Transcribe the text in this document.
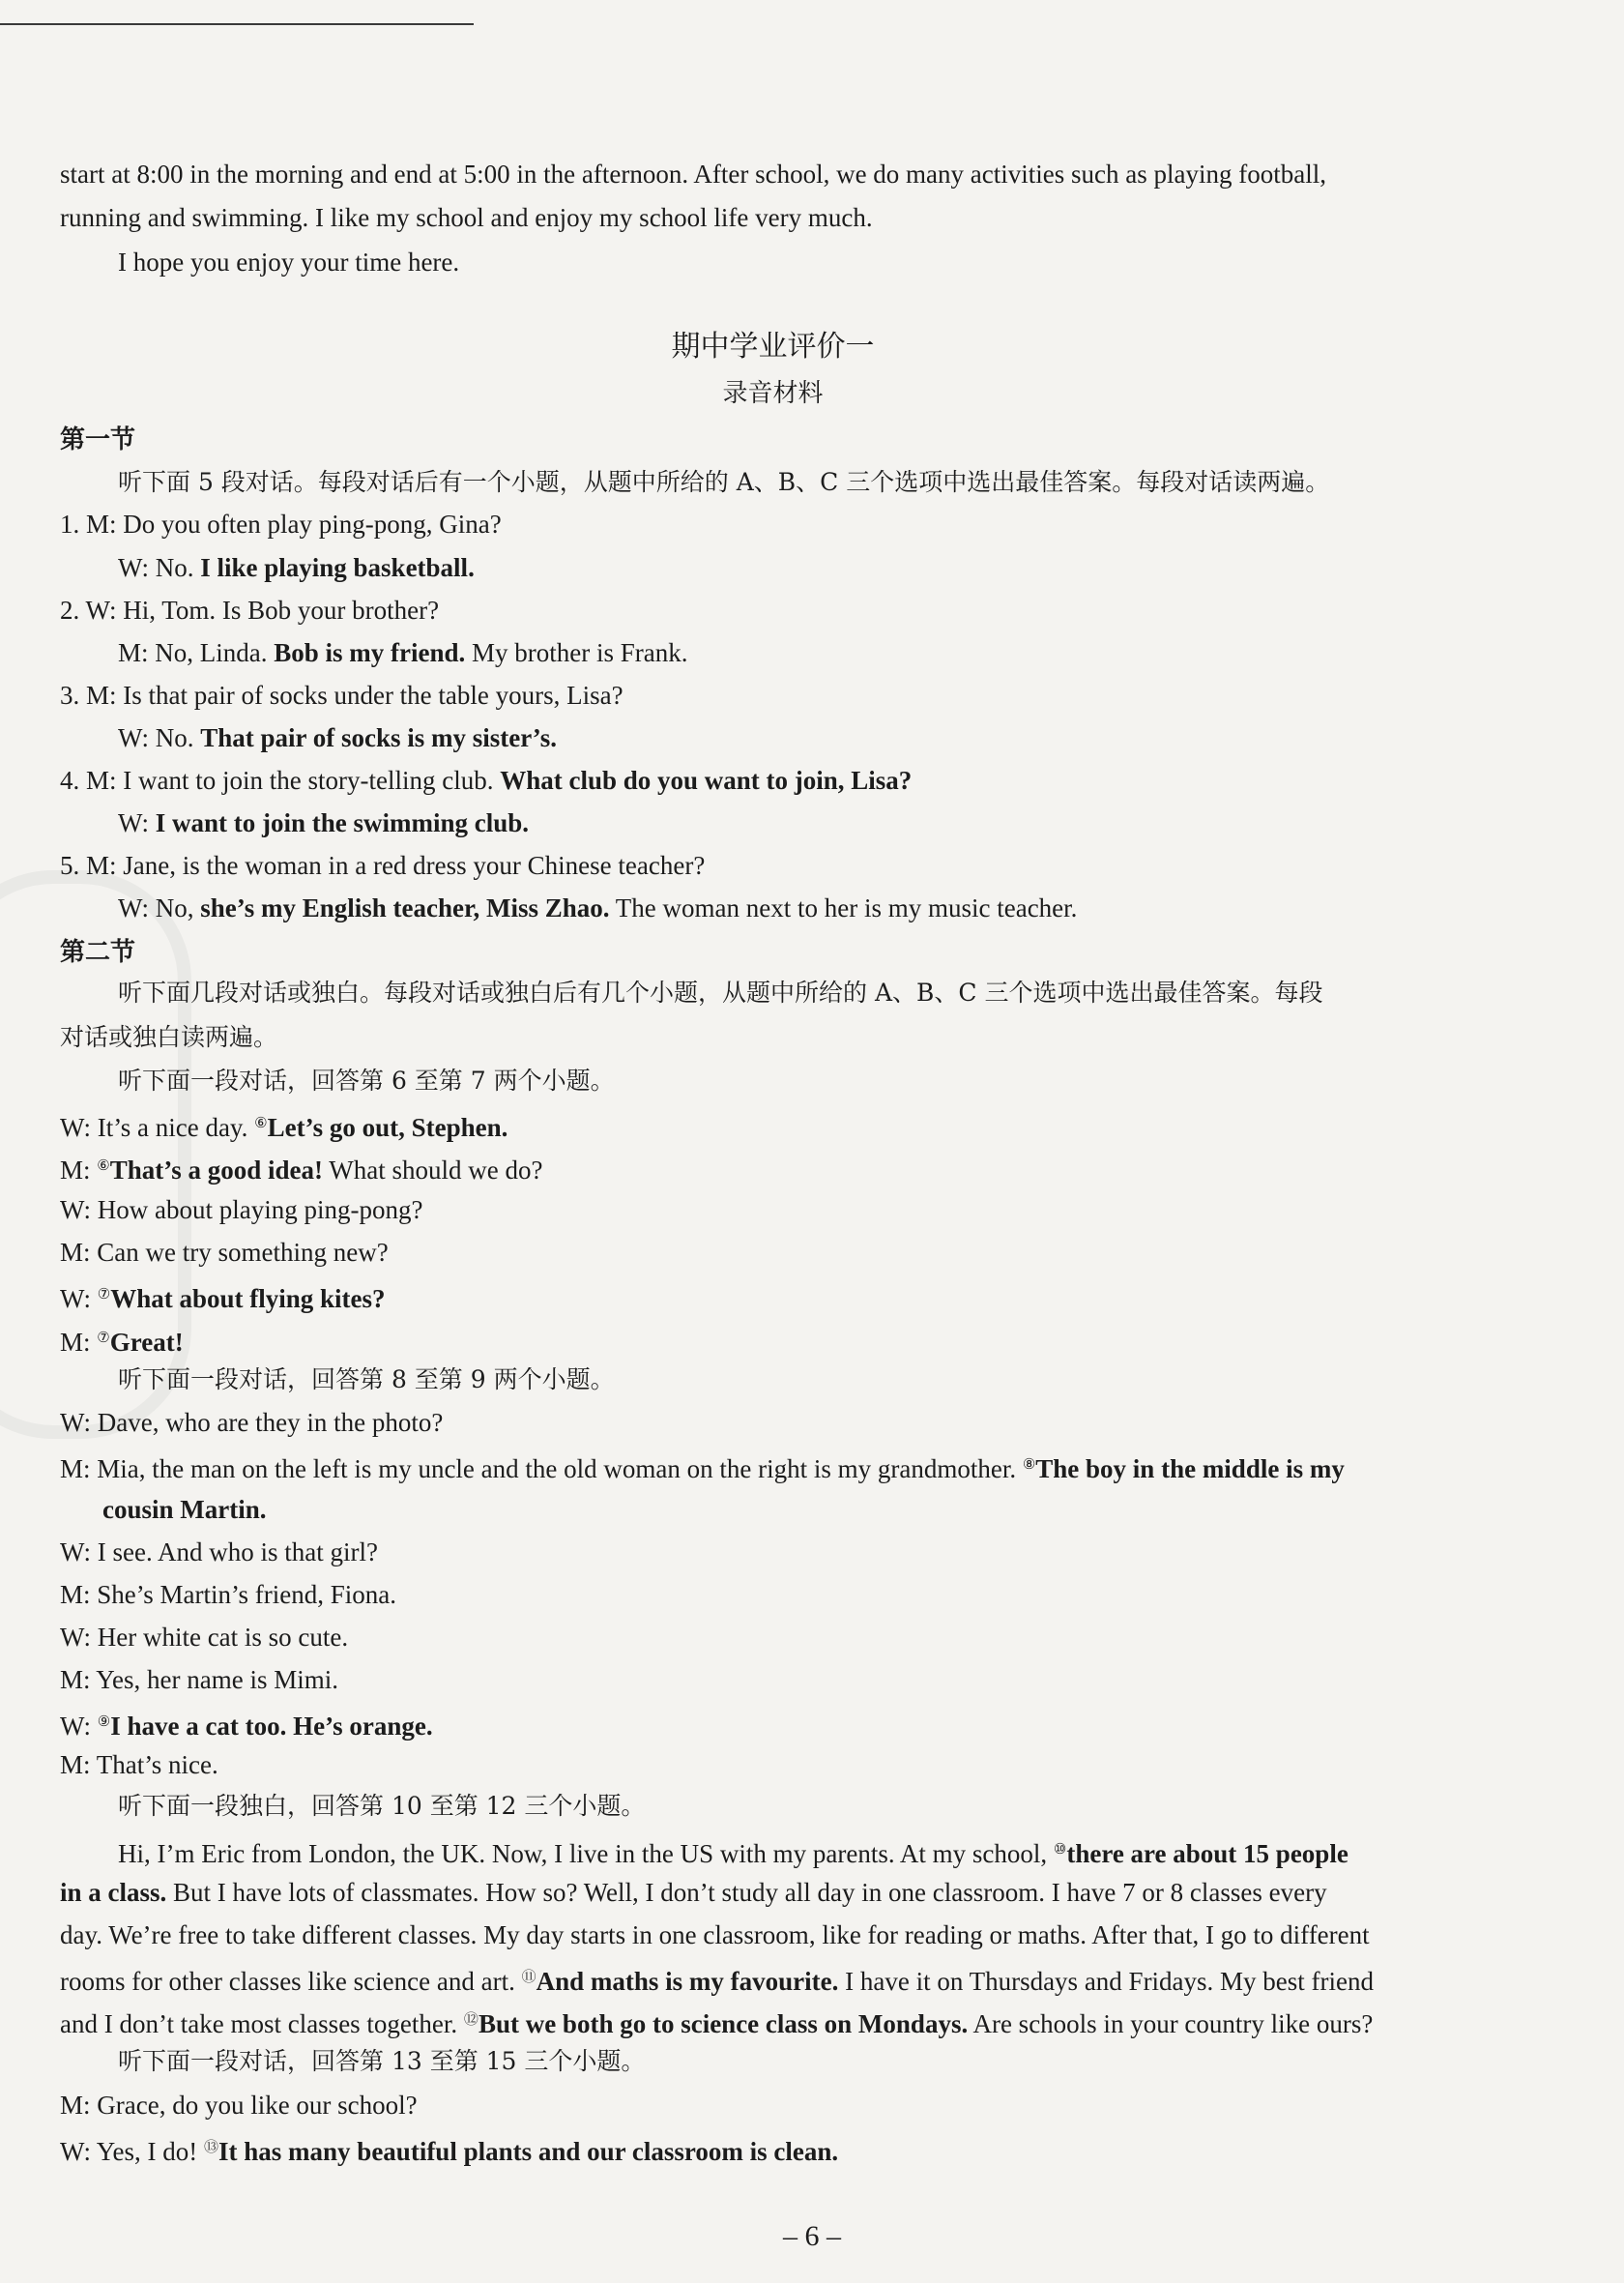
start at 8:00 in the morning and end at 5:00 in the afternoon. After school, we do many activities such as playing football,
running and swimming. I like my school and enjoy my school life very much.
I hope you enjoy your time here.
期中学业评价一
录音材料
第一节
听下面 5 段对话。每段对话后有一个小题，从题中所给的 A、B、C 三个选项中选出最佳答案。每段对话读两遍。
1. M: Do you often play ping-pong, Gina?
W: No. I like playing basketball.
2. W: Hi, Tom. Is Bob your brother?
M: No, Linda. Bob is my friend. My brother is Frank.
3. M: Is that pair of socks under the table yours, Lisa?
W: No. That pair of socks is my sister’s.
4. M: I want to join the story-telling club. What club do you want to join, Lisa?
W: I want to join the swimming club.
5. M: Jane, is the woman in a red dress your Chinese teacher?
W: No, she’s my English teacher, Miss Zhao. The woman next to her is my music teacher.
第二节
听下面几段对话或独白。每段对话或独白后有几个小题，从题中所给的 A、B、C 三个选项中选出最佳答案。每段
对话或独白读两遍。
听下面一段对话，回答第 6 至第 7 两个小题。
W: It’s a nice day. ⑥Let’s go out, Stephen.
M: ⑥That’s a good idea! What should we do?
W: How about playing ping-pong?
M: Can we try something new?
W: ⑦What about flying kites?
M: ⑦Great!
听下面一段对话，回答第 8 至第 9 两个小题。
W: Dave, who are they in the photo?
M: Mia, the man on the left is my uncle and the old woman on the right is my grandmother. ⑧The boy in the middle is my
cousin Martin.
W: I see. And who is that girl?
M: She’s Martin’s friend, Fiona.
W: Her white cat is so cute.
M: Yes, her name is Mimi.
W: ⑨I have a cat too. He’s orange.
M: That’s nice.
听下面一段独白，回答第 10 至第 12 三个小题。
Hi, I’m Eric from London, the UK. Now, I live in the US with my parents. At my school, ⑩there are about 15 people
in a class. But I have lots of classmates. How so? Well, I don’t study all day in one classroom. I have 7 or 8 classes every
day. We’re free to take different classes. My day starts in one classroom, like for reading or maths. After that, I go to different
rooms for other classes like science and art. ⑪And maths is my favourite. I have it on Thursdays and Fridays. My best friend
and I don’t take most classes together. ⑫But we both go to science class on Mondays. Are schools in your country like ours?
听下面一段对话，回答第 13 至第 15 三个小题。
M: Grace, do you like our school?
W: Yes, I do! ⑬It has many beautiful plants and our classroom is clean.
– 6 –
